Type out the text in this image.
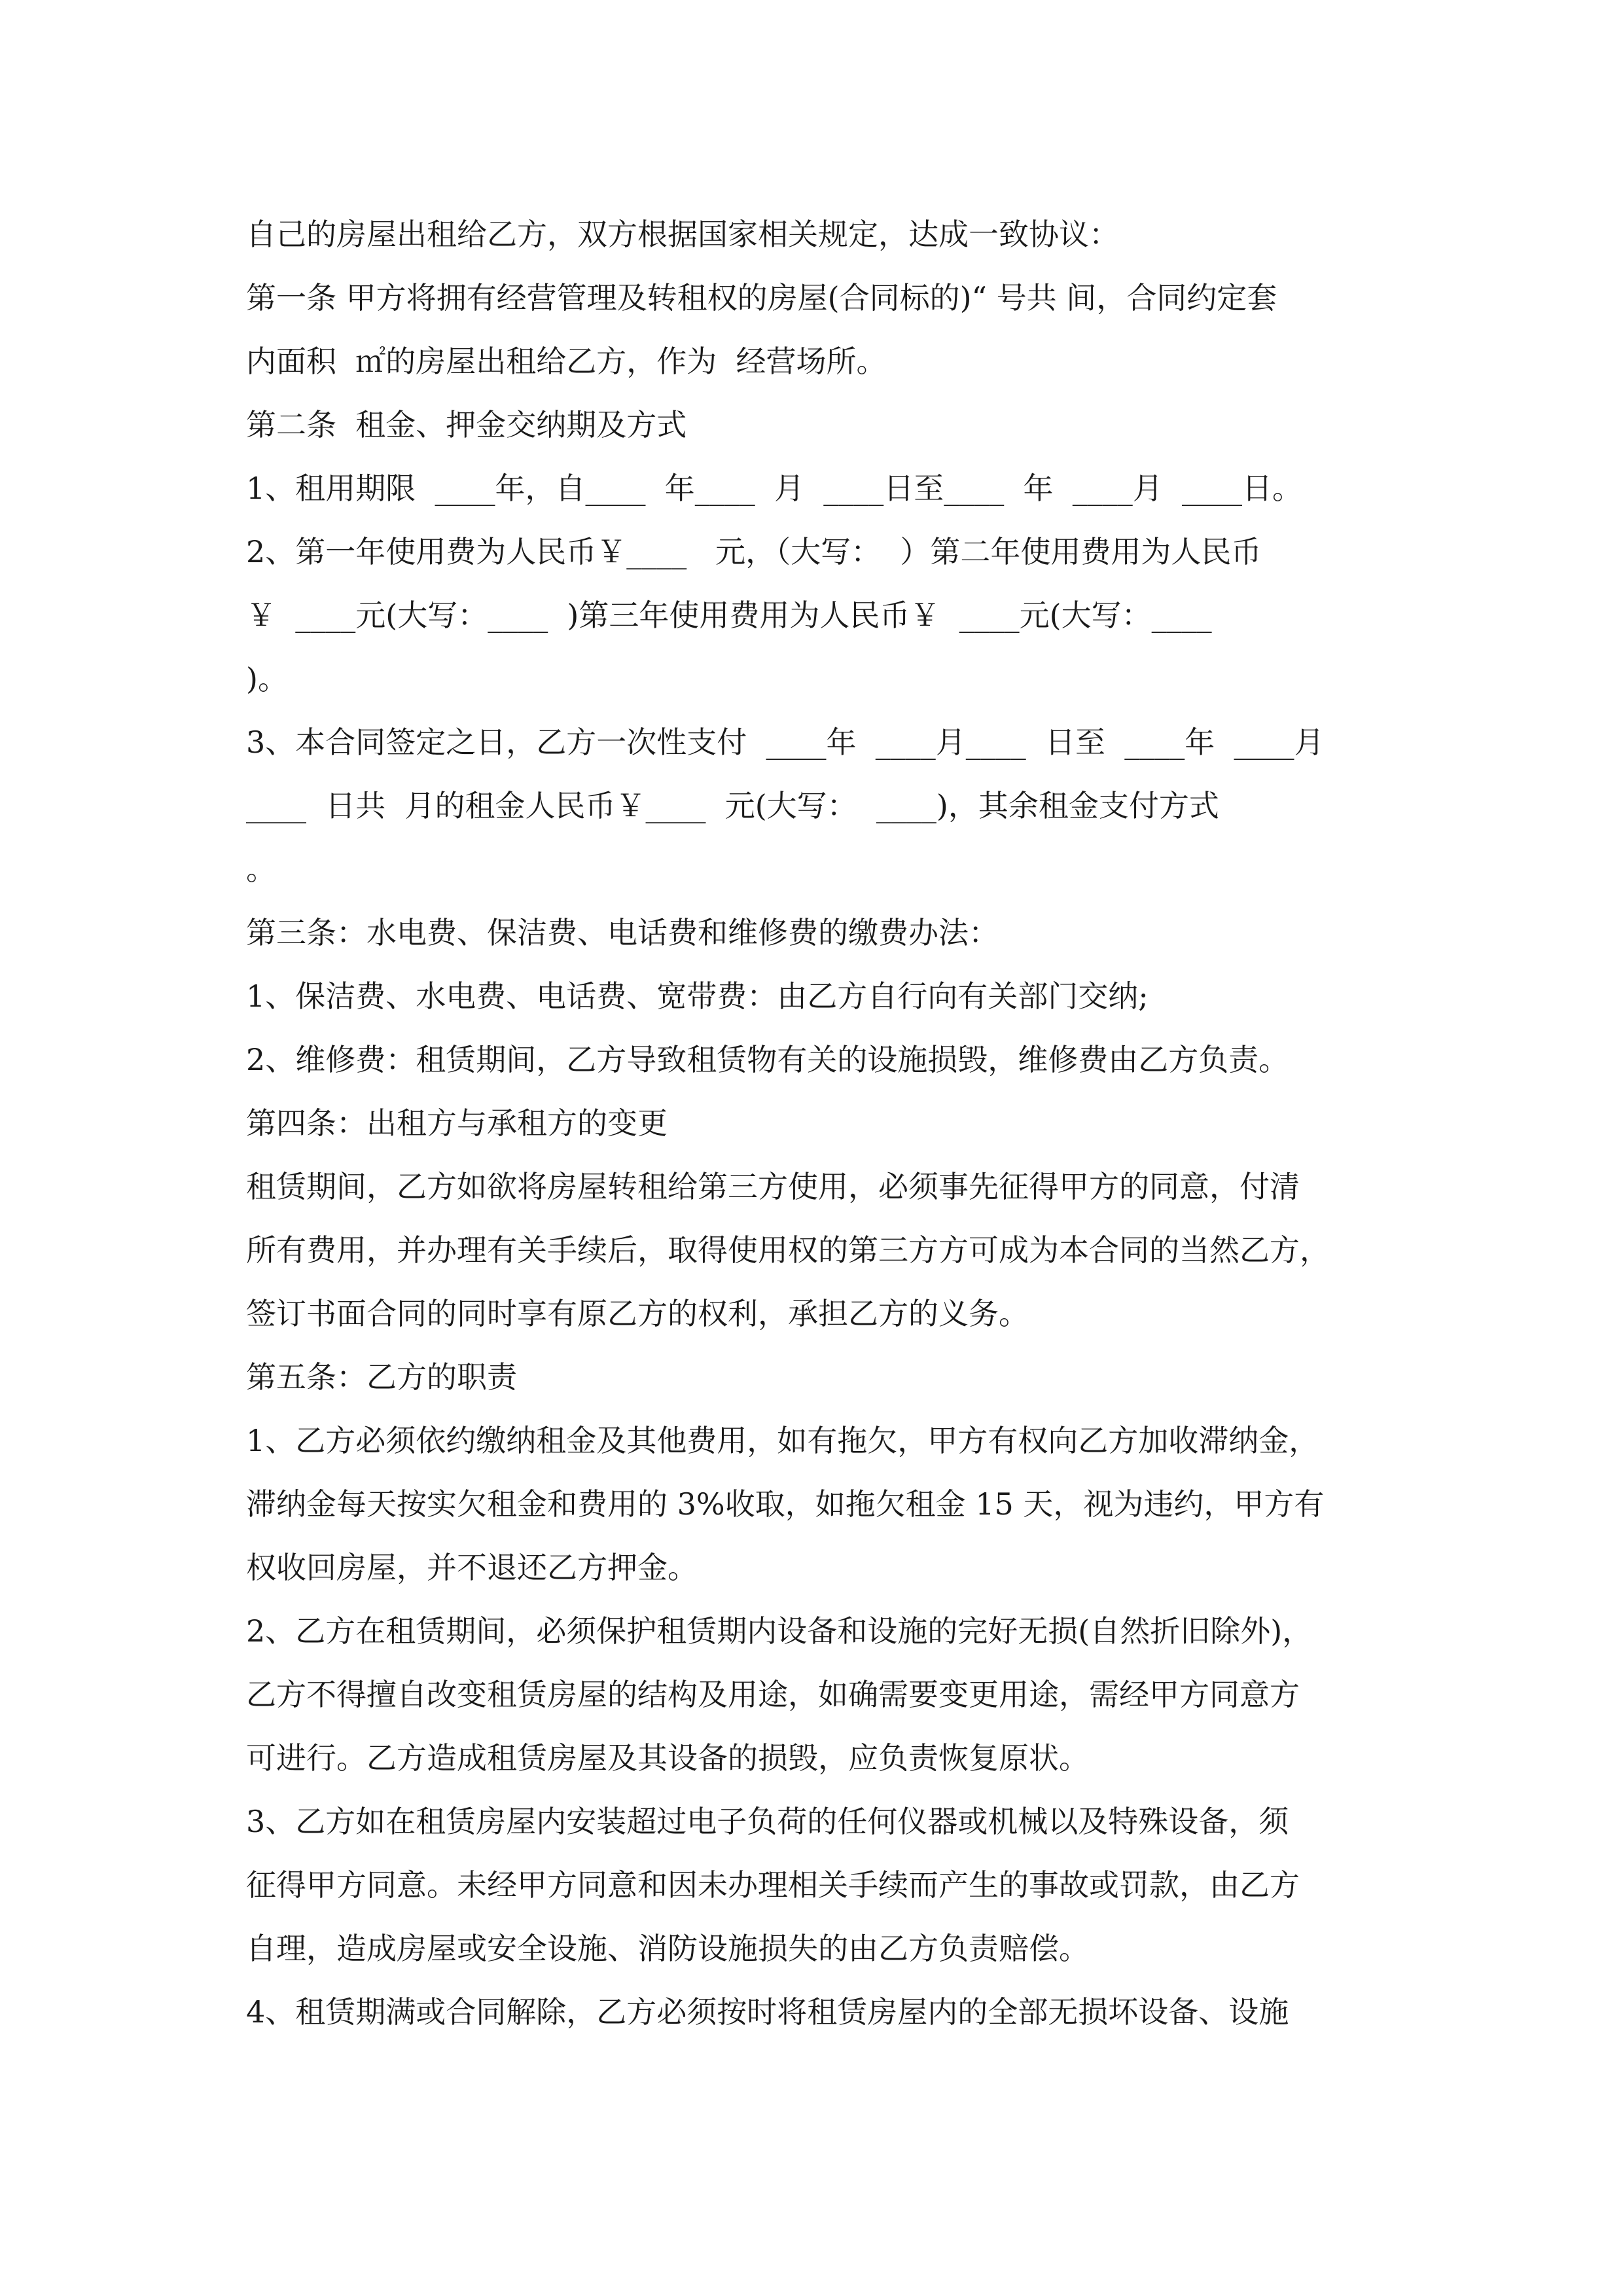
自己的房屋出租给乙方，双方根据国家相关规定，达成一致协议：
第一条 甲方将拥有经营管理及转租权的房屋(合同标的)“ 号共 间，合同约定套
内面积  ㎡的房屋出租给乙方，作为  经营场所。
第二条  租金、押金交纳期及方式
1、租用期限  ____年，自____  年____  月  ____日至____  年  ____月  ____日。
2、第一年使用费为人民币￥____   元，（大写：  ）第二年使用费用为人民币
￥  ____元(大写：____  )第三年使用费用为人民币￥  ____元(大写：____
)。
3、本合同签定之日，乙方一次性支付  ____年  ____月____  日至  ____年  ____月
____  日共  月的租金人民币￥____  元(大写：  ____)，其余租金支付方式
。
第三条：水电费、保洁费、电话费和维修费的缴费办法：
1、保洁费、水电费、电话费、宽带费：由乙方自行向有关部门交纳;
2、维修费：租赁期间，乙方导致租赁物有关的设施损毁，维修费由乙方负责。
第四条：出租方与承租方的变更
租赁期间，乙方如欲将房屋转租给第三方使用，必须事先征得甲方的同意，付清
所有费用，并办理有关手续后，取得使用权的第三方方可成为本合同的当然乙方，
签订书面合同的同时享有原乙方的权利，承担乙方的义务。
第五条：乙方的职责
1、乙方必须依约缴纳租金及其他费用，如有拖欠，甲方有权向乙方加收滞纳金，
滞纳金每天按实欠租金和费用的 3%收取，如拖欠租金 15 天，视为违约，甲方有
权收回房屋，并不退还乙方押金。
2、乙方在租赁期间，必须保护租赁期内设备和设施的完好无损(自然折旧除外)，
乙方不得擅自改变租赁房屋的结构及用途，如确需要变更用途，需经甲方同意方
可进行。乙方造成租赁房屋及其设备的损毁，应负责恢复原状。
3、乙方如在租赁房屋内安装超过电子负荷的任何仪器或机械以及特殊设备，须
征得甲方同意。未经甲方同意和因未办理相关手续而产生的事故或罚款，由乙方
自理，造成房屋或安全设施、消防设施损失的由乙方负责赔偿。
4、租赁期满或合同解除，乙方必须按时将租赁房屋内的全部无损坏设备、设施
